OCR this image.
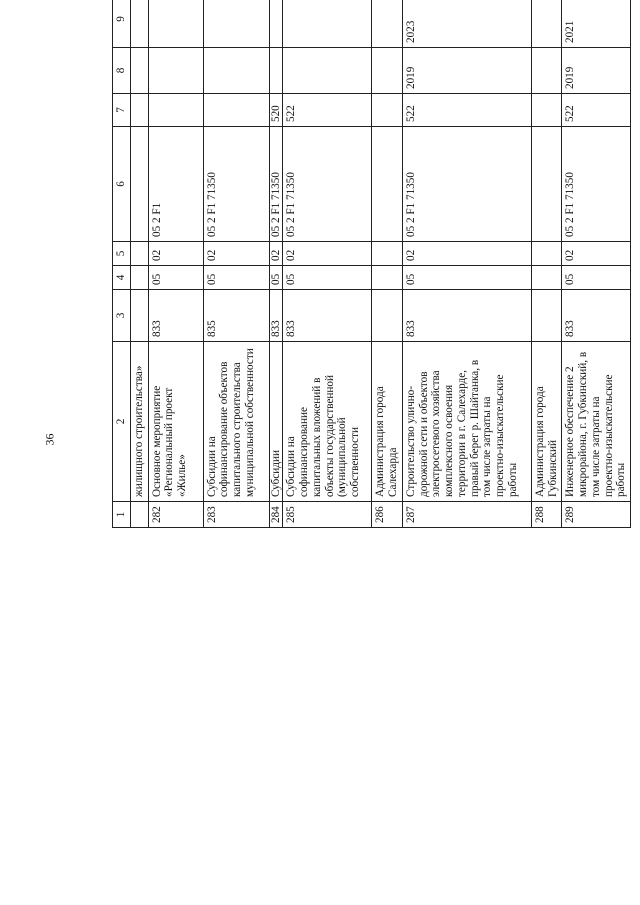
36
1	2	3	4	5	6	7	8	9			
	жилищного строительства»										
282	Основное мероприятие «Региональный проект «Жилье»	833	05	02	05 2 F1						
283	Субсидии на софинансирование объектов капитального строительства муниципальной собственности	835	05	02	05 2 F1 71350						
284	Субсидии	833	05	02	05 2 F1 71350	520					
285	Субсидии на софинансирование капитальных вложений в объекты государственной (муниципальной собственности	833	05	02	05 2 F1 71350	522					
286	Администрация города Салехарда										
287	Строительство улично-дорожной сети и объектов электросетевого хозяйства комплексного освоения территории в г. Салехарде, правый берег р. Шайтанка, в том числе затраты на проектно-изыскательские работы	833	05	02	05 2 F1 71350	522	2019	2023			
288	Администрация города Губкинский										
289	Инженерное обеспечение 2 микрорайона, г. Губкинский, в том числе затраты на проектно-изыскательские работы	833	05	02	05 2 F1 71350	522	2019	2021			
